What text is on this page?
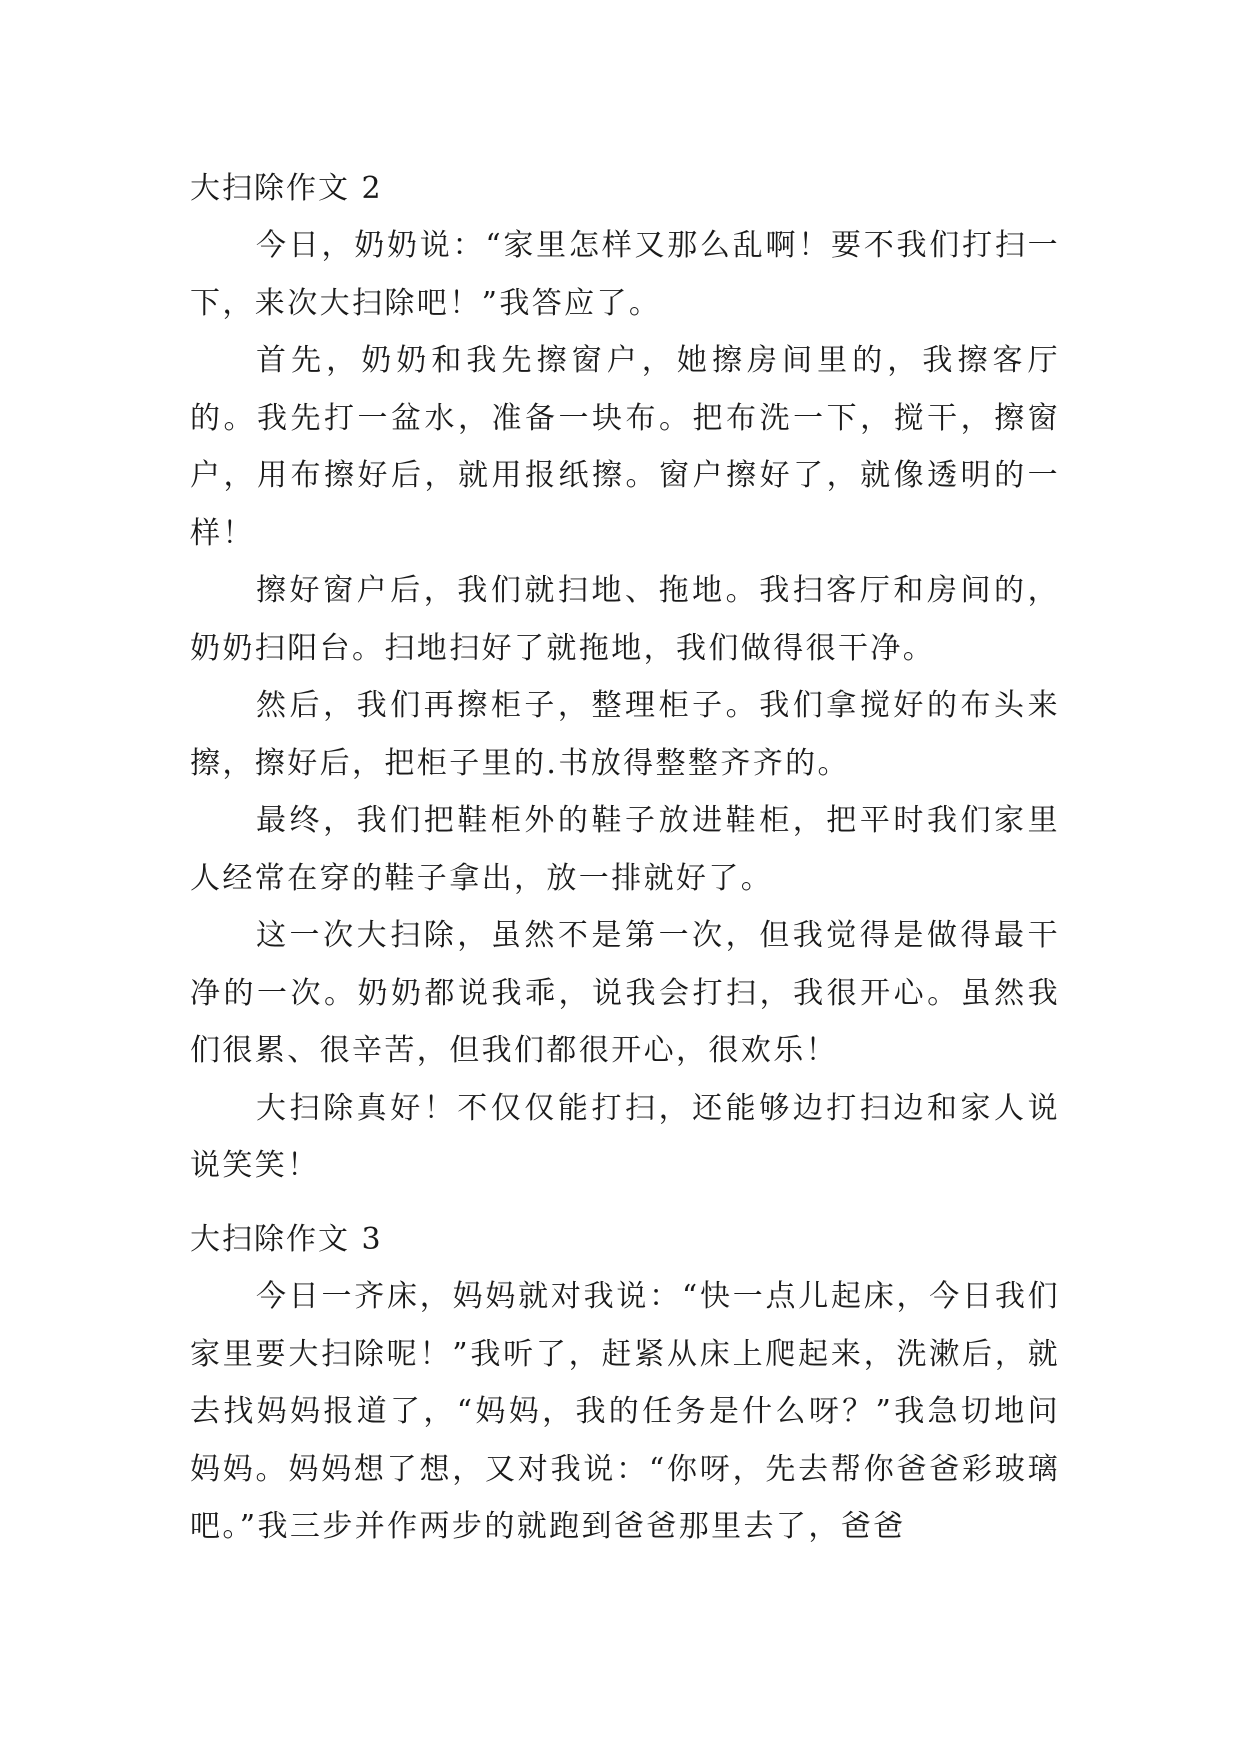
大扫除作文 2

今日，奶奶说：“家里怎样又那么乱啊！要不我们打扫一下，来次大扫除吧！”我答应了。

首先，奶奶和我先擦窗户，她擦房间里的，我擦客厅的。我先打一盆水，准备一块布。把布洗一下，搅干，擦窗户，用布擦好后，就用报纸擦。窗户擦好了，就像透明的一样！

擦好窗户后，我们就扫地、拖地。我扫客厅和房间的，奶奶扫阳台。扫地扫好了就拖地，我们做得很干净。

然后，我们再擦柜子，整理柜子。我们拿搅好的布头来擦，擦好后，把柜子里的.书放得整整齐齐的。

最终，我们把鞋柜外的鞋子放进鞋柜，把平时我们家里人经常在穿的鞋子拿出，放一排就好了。

这一次大扫除，虽然不是第一次，但我觉得是做得最干净的一次。奶奶都说我乖，说我会打扫，我很开心。虽然我们很累、很辛苦，但我们都很开心，很欢乐！

大扫除真好！不仅仅能打扫，还能够边打扫边和家人说说笑笑！

大扫除作文 3

今日一齐床，妈妈就对我说：“快一点儿起床，今日我们家里要大扫除呢！”我听了，赶紧从床上爬起来，洗漱后，就去找妈妈报道了，“妈妈，我的任务是什么呀？”我急切地问妈妈。妈妈想了想，又对我说：“你呀，先去帮你爸爸彩玻璃吧。”我三步并作两步的就跑到爸爸那里去了，爸爸
